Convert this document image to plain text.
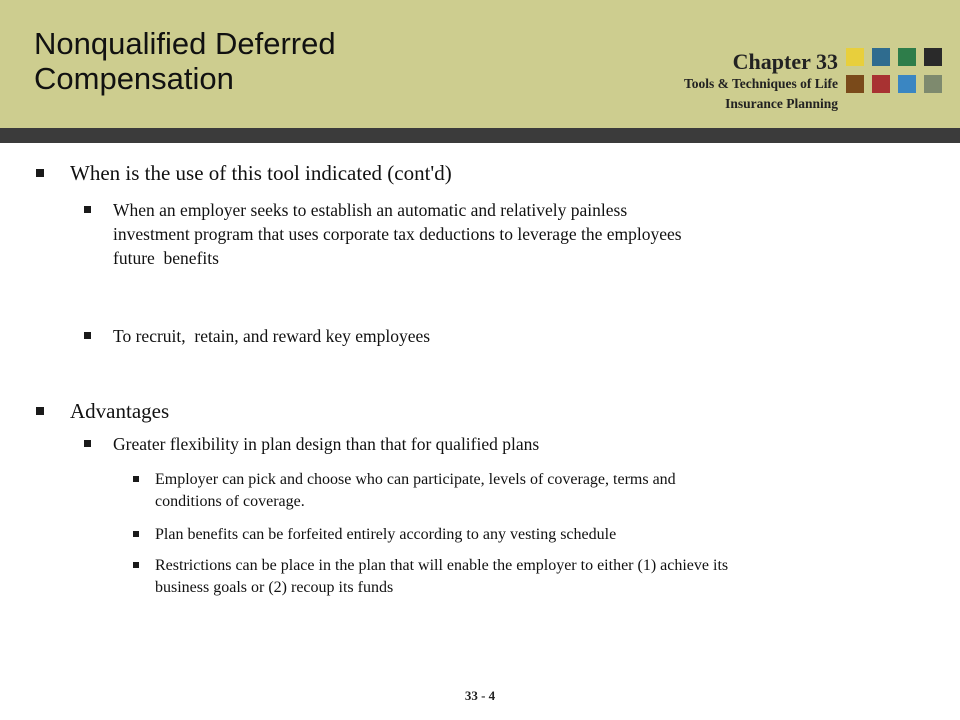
Nonqualified Deferred
Compensation	Chapter 33
Tools & Techniques of Life
Insurance Planning
When is the use of this tool indicated (cont'd)
When an employer seeks to establish an automatic and relatively painless
investment program that uses corporate tax deductions to leverage the employees
future  benefits
To recruit,  retain, and reward key employees
Advantages
Greater flexibility in plan design than that for qualified plans
Employer can pick and choose who can participate, levels of coverage, terms and
conditions of coverage.
Plan benefits can be forfeited entirely according to any vesting schedule
Restrictions can be place in the plan that will enable the employer to either (1) achieve its
business goals or (2) recoup its funds
33 - 4
